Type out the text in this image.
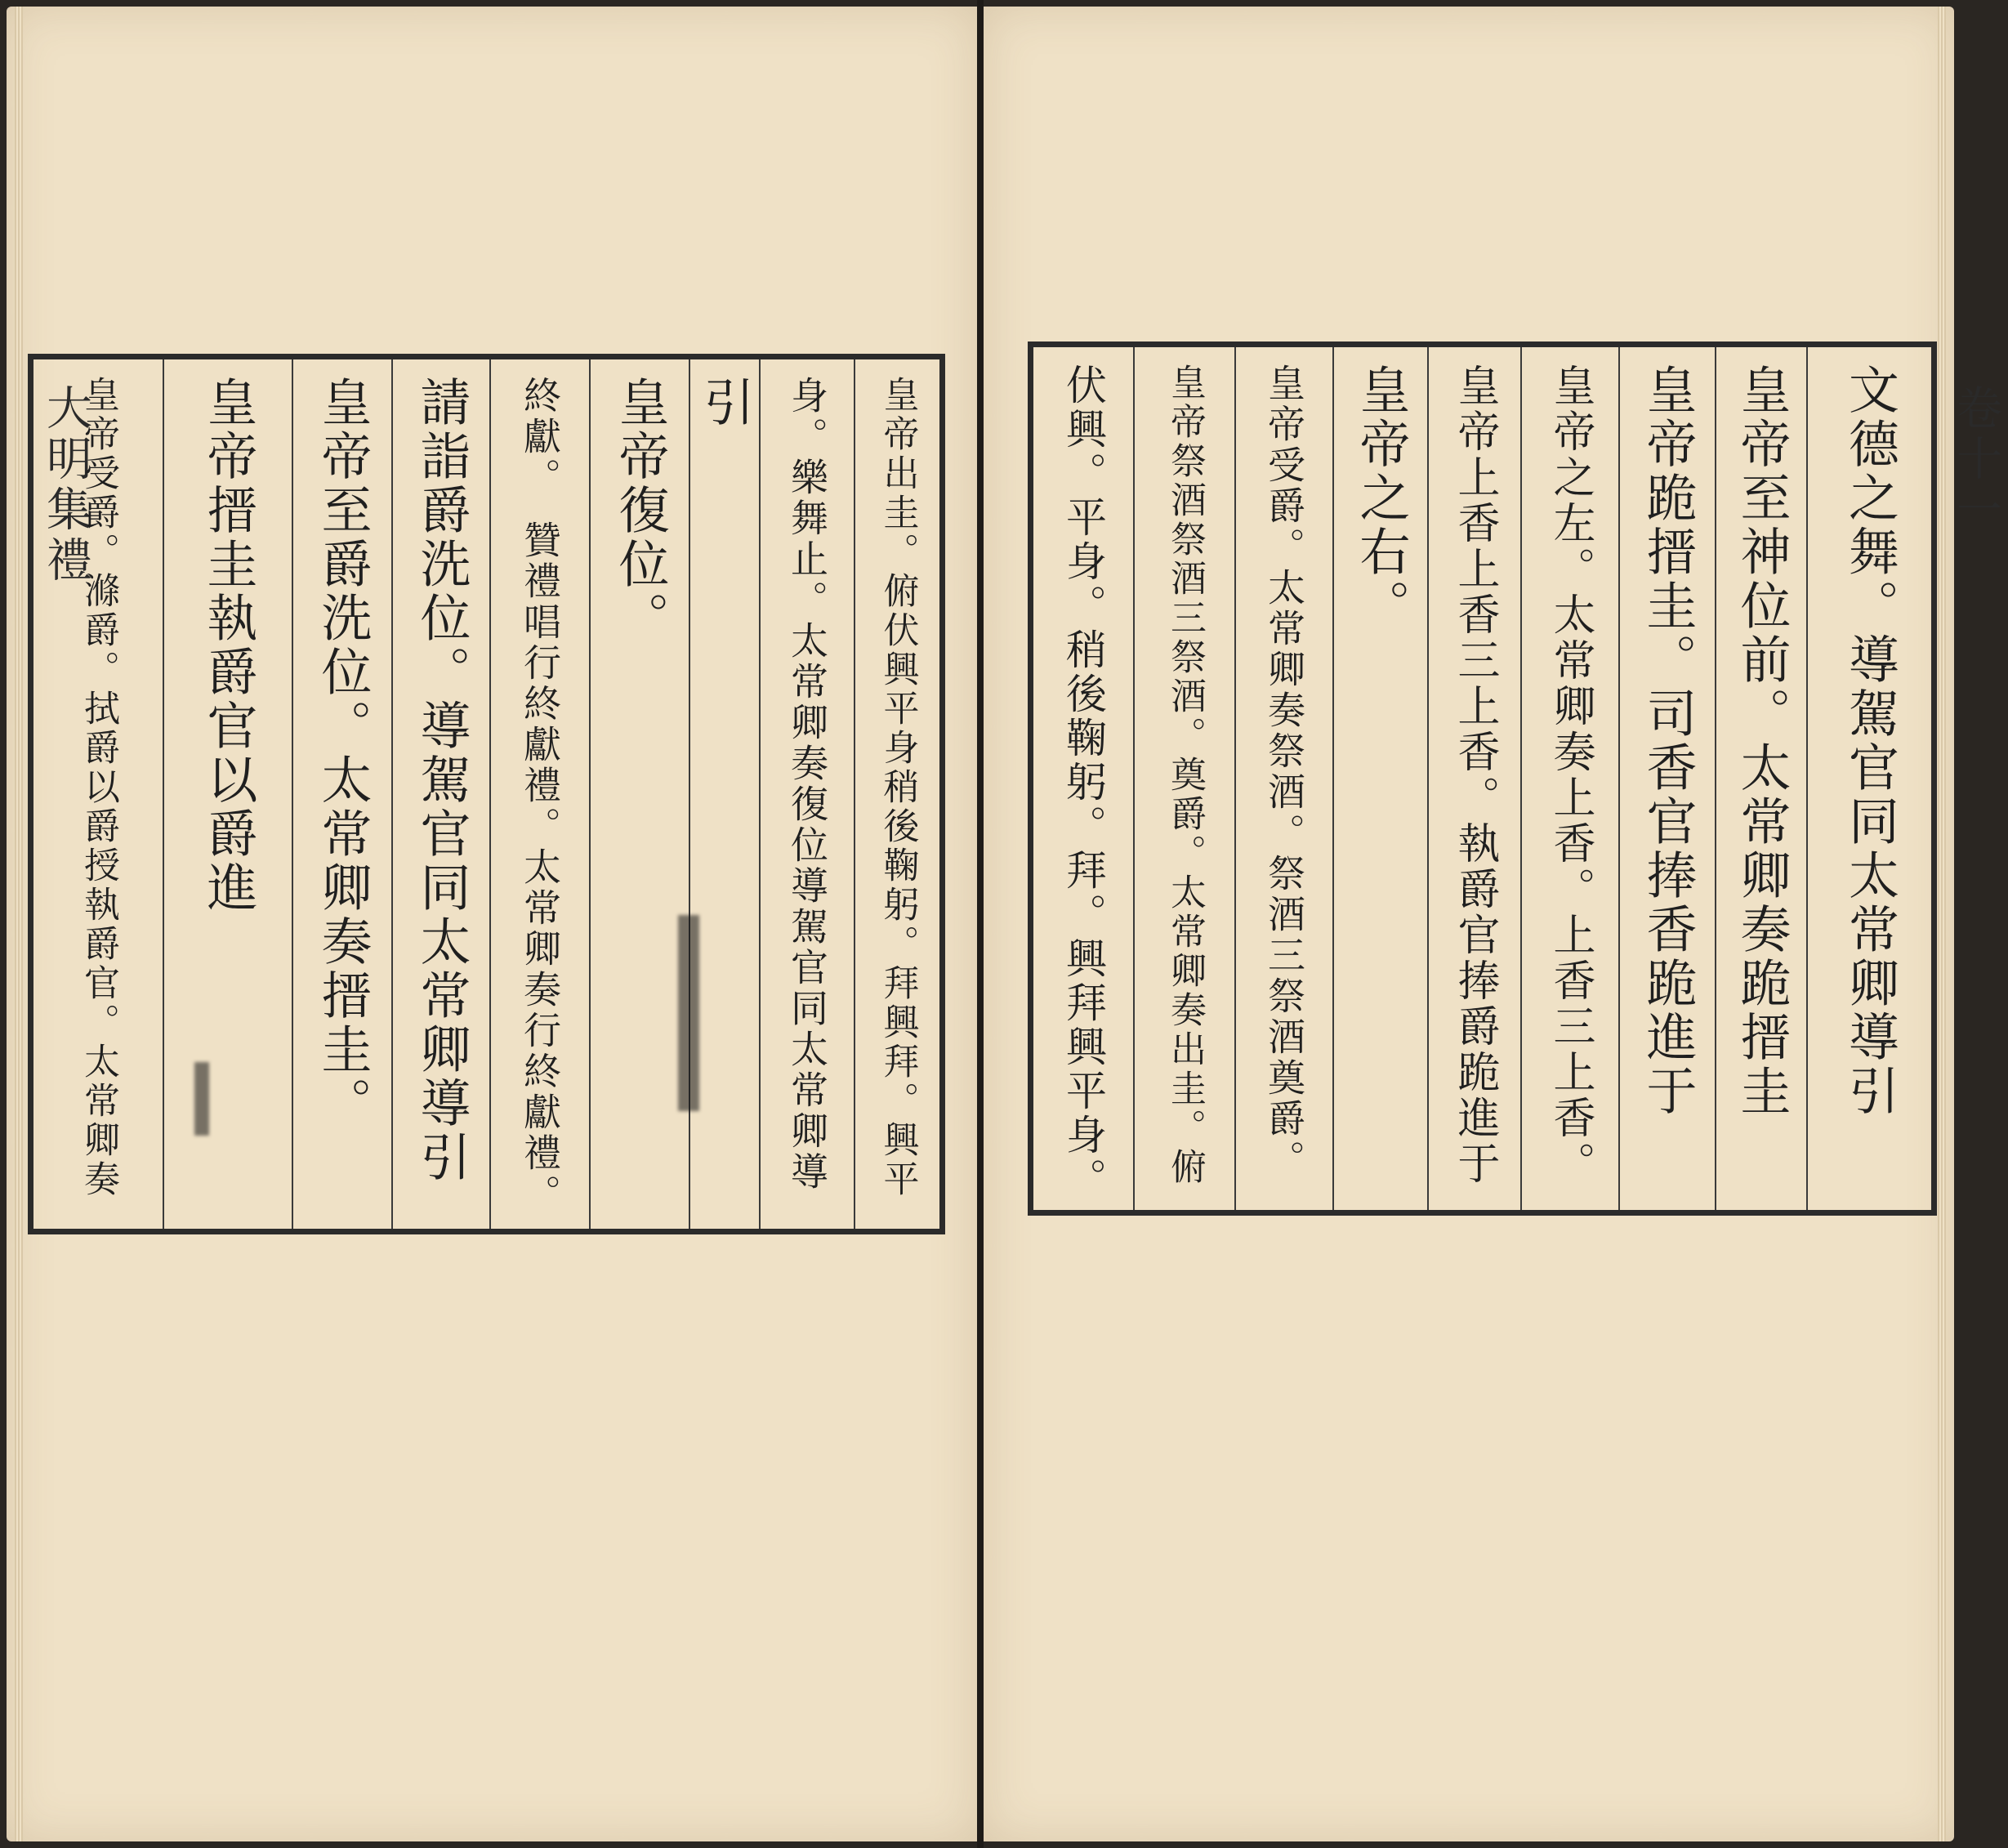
大明集禮
皇帝受爵。滌爵。拭爵以爵授執爵官。太常卿奏 皇帝搢圭執爵官以爵進 皇帝至爵洗位。太常卿奏搢圭。 請詣爵洗位。導駕官同太常卿導引 終獻。　贊禮唱行終獻禮。太常卿奏行終獻禮。 皇帝復位。 引 身。樂舞止。太常卿奏復位導駕官同太常卿導 皇帝出圭。俯伏興平身稍後鞠躬。拜興拜。興平	卷十一
伏興。平身。稍後鞠躬。拜。興拜興平身。 皇帝祭酒祭酒三祭酒。奠爵。太常卿奏出圭。俯 皇帝受爵。太常卿奏祭酒。祭酒三祭酒奠爵。 皇帝之右。 皇帝上香上香三上香。執爵官捧爵跪進于 皇帝之左。太常卿奏上香。上香三上香。 皇帝跪搢圭。司香官捧香跪進于 皇帝至神位前。太常卿奏跪搢圭 文德之舞。導駕官同太常卿導引
